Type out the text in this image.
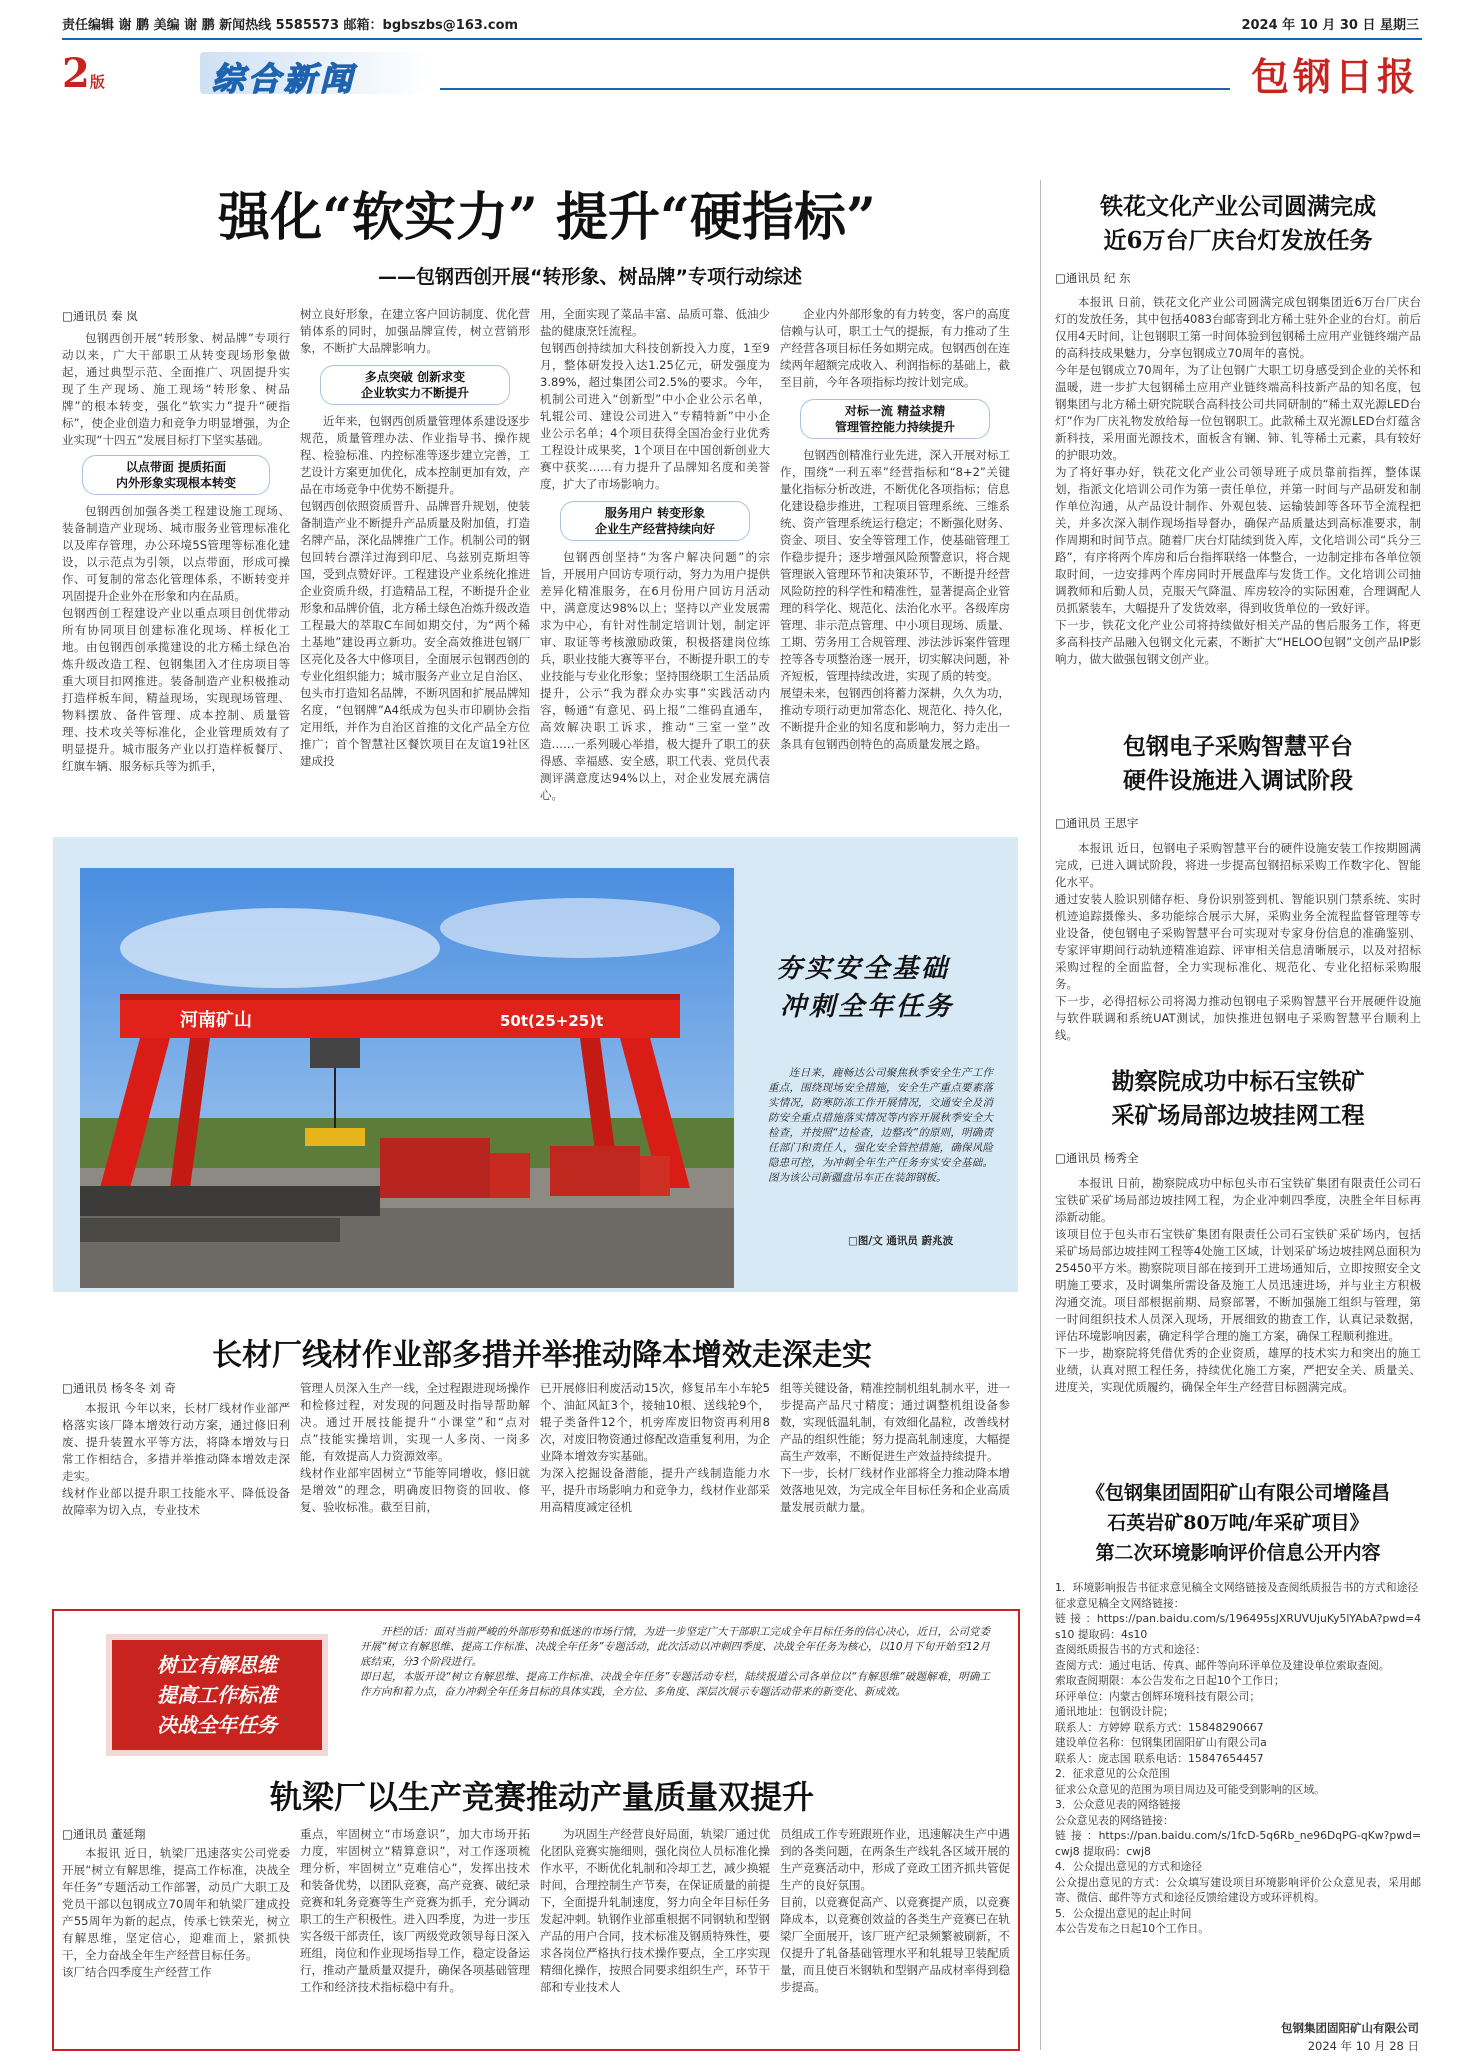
责任编辑 谢 鹏 美编 谢 鹏 新闻热线 5585573 邮箱：bgbszbs@163.com	2024 年 10 月 30 日 星期三
2版	综合新闻	包钢日报
强化“软实力” 提升“硬指标”
——包钢西创开展“转形象、树品牌”专项行动综述
□通讯员 秦 岚
包钢西创开展“转形象、树品牌”专项行动以来，广大干部职工从转变现场形象做起，通过典型示范、全面推广、巩固提升实现了生产现场、施工现场“转形象、树品牌”的根本转变，强化“软实力”提升“硬指标”，使企业创造力和竞争力明显增强，为企业实现“十四五”发展目标打下坚实基础。
以点带面 提质拓面
内外形象实现根本转变
包钢西创加强各类工程建设施工现场、装备制造产业现场、城市服务业管理标准化以及库存管理，办公环境5S管理等标准化建设，以示范点为引领，以点带面，形成可操作、可复制的常态化管理体系，不断转变并巩固提升企业外在形象和内在品质。
包钢西创工程建设产业以重点项目创优带动所有协同项目创建标准化现场、样板化工地。由包钢西创承揽建设的北方稀土绿色冶炼升级改造工程、包钢集团入才住房项目等重大项目扣网推进。装备制造产业积极推动打造样板车间，精益现场，实现现场管理、物料摆放、备件管理、成本控制、质量管理、技术攻关等标准化，企业管理质效有了明显提升。城市服务产业以打造样板餐厅、红旗车辆、服务标兵等为抓手，
树立良好形象，在建立客户回访制度、优化营销体系的同时，加强品牌宣传，树立营销形象，不断扩大品牌影响力。
多点突破 创新求变
企业软实力不断提升
近年来，包钢西创质量管理体系建设逐步规范，质量管理办法、作业指导书、操作规程、检验标准、内控标准等逐步建立完善，工艺设计方案更加优化，成本控制更加有效，产品在市场竞争中优势不断提升。
包钢西创依照资质晋升、品牌晋升规划，使装备制造产业不断提升产品质量及附加值，打造名牌产品，深化品牌推广工作。机制公司的钢包回转台漂洋过海到印尼、乌兹别克斯坦等国，受到点赞好评。工程建设产业系统化推进企业资质升级，打造精品工程，不断提升企业形象和品牌价值，北方稀土绿色冶炼升级改造工程最大的萃取C车间如期交付，为“两个稀土基地”建设再立新功。安全高效推进包钢厂区亮化及各大中修项目，全面展示包钢西创的专业化组织能力；城市服务产业立足自治区、包头市打造知名品牌，不断巩固和扩展品牌知名度，“包钢牌”A4纸成为包头市印刷协会指定用纸，并作为自治区首推的文化产品全方位推广；首个智慧社区餐饮项目在友谊19社区建成投
用，全面实现了菜品丰富、品质可靠、低油少盐的健康烹饪流程。
包钢西创持续加大科技创新投入力度，1至9月，整体研发投入达1.25亿元，研发强度为3.89%，超过集团公司2.5%的要求。今年，机制公司进入“创新型”中小企业公示名单，轧辊公司、建设公司进入“专精特新”中小企业公示名单；4个项目获得全国冶金行业优秀工程设计成果奖，1个项目在中国创新创业大赛中获奖……有力提升了品牌知名度和美誉度，扩大了市场影响力。
服务用户 转变形象
企业生产经营持续向好
包钢西创坚持“为客户解决问题”的宗旨，开展用户回访专项行动，努力为用户提供差异化精准服务，在6月份用户回访月活动中，满意度达98%以上；坚持以产业发展需求为中心，有针对性制定培训计划，制定评审、取证等考核激励政策，积极搭建岗位练兵，职业技能大赛等平台，不断提升职工的专业技能与专业化形象；坚持围绕职工生活品质提升，公示“我为群众办实事”实践活动内容，畅通“有意见、码上报”二维码直通车，高效解决职工诉求，推动“三室一堂”改造……一系列暖心举措，极大提升了职工的获得感、幸福感、安全感，职工代表、党员代表测评满意度达94%以上，对企业发展充满信心。
企业内外部形象的有力转变，客户的高度信赖与认可，职工士气的提振，有力推动了生产经营各项目标任务如期完成。包钢西创在连续两年超额完成收入、利润指标的基础上，截至目前，今年各项指标均按计划完成。
对标一流 精益求精
管理管控能力持续提升
包钢西创精准行业先进，深入开展对标工作，围绕“一利五率”经营指标和“8+2”关键量化指标分析改进，不断优化各项指标；信息化建设稳步推进，工程项目管理系统、三维系统、资产管理系统运行稳定；不断强化财务、资金、项目、安全等管理工作，使基础管理工作稳步提升；逐步增强风险预警意识，将合规管理嵌入管理环节和决策环节，不断提升经营风险防控的科学性和精准性，显著提高企业管理的科学化、规范化、法治化水平。各级库房管理、非示范点管理、中小项目现场、质量、工期、劳务用工合规管理、涉法涉诉案件管理控等各专项整治逐一展开，切实解决问题，补齐短板，管理持续改进，实现了质的转变。
展望未来，包钢西创将蓄力深耕，久久为功，推动专项行动更加常态化、规范化、持久化，不断提升企业的知名度和影响力，努力走出一条具有包钢西创特色的高质量发展之路。
河南矿山	50t(25+25)t
夯实安全基础
冲刺全年任务
连日来，鹿畅达公司聚焦秋季安全生产工作重点，围绕现场安全措施，安全生产重点要素落实情况，防寒防冻工作开展情况，交通安全及消防安全重点措施落实情况等内容开展秋季安全大检查，并按照“边检查，边整改”的原则，明确责任部门和责任人，强化安全管控措施，确保风险隐患可控，为冲刺全年生产任务夯实安全基础。图为该公司新疆盘吊车正在装卸钢板。
□图/文 通讯员 蔚兆波
长材厂线材作业部多措并举推动降本增效走深走实
□通讯员 杨冬冬 刘 奇
本报讯 今年以来，长材厂线材作业部严格落实该厂降本增效行动方案，通过修旧利废、提升装置水平等方法，将降本增效与日常工作相结合，多措并举推动降本增效走深走实。
线材作业部以提升职工技能水平、降低设备故障率为切入点，专业技术
管理人员深入生产一线，全过程跟进现场操作和检修过程，对发现的问题及时指导帮助解决。通过开展技能提升“小课堂”和“点对点”技能实操培训，实现一人多岗、一岗多能，有效提高人力资源效率。
线材作业部牢固树立“节能等同增收，修旧就是增效”的理念，明确废旧物资的回收、修复、验收标准。截至目前，
已开展修旧利废活动15次，修复吊车小车轮5个、油缸风缸3个，接轴10根、送线轮9个，辊子类备件12个，机旁库废旧物资再利用8次，对废旧物资通过修配改造重复利用，为企业降本增效夯实基础。
为深入挖掘设备潜能，提升产线制造能力水平，提升市场影响力和竞争力，线材作业部采用高精度减定径机
组等关键设备，精准控制机组轧制水平，进一步提高产品尺寸精度；通过调整机组设备参数，实现低温轧制，有效细化晶粒，改善线材产品的组织性能；努力提高轧制速度，大幅提高生产效率，不断促进生产效益持续提升。
下一步，长材厂线材作业部将全力推动降本增效落地见效，为完成全年目标任务和企业高质量发展贡献力量。
树立有解思维
提高工作标准
决战全年任务
开栏的话：面对当前严峻的外部形势和低迷的市场行情，为进一步坚定广大干部职工完成全年目标任务的信心决心，近日，公司党委开展“树立有解思维、提高工作标准、决战全年任务”专题活动，此次活动以冲刺四季度、决战全年任务为核心，以10月下旬开始至12月底结束，分3个阶段进行。
即日起，本版开设“树立有解思维、提高工作标准、决战全年任务”专题活动专栏，陆续报道公司各单位以“有解思维”破题解难，明确工作方向和着力点，奋力冲刺全年任务目标的具体实践，全方位、多角度、深层次展示专题活动带来的新变化、新成效。
轨梁厂以生产竞赛推动产量质量双提升
□通讯员 董延翔
本报讯 近日，轨梁厂迅速落实公司党委开展“树立有解思维，提高工作标准，决战全年任务”专题活动工作部署，动员广大职工及党员干部以包钢成立70周年和轨梁厂建成投产55周年为新的起点，传承七铁荣光，树立有解思维，坚定信心，迎难而上，紧抓快干，全力奋战全年生产经营目标任务。
该厂结合四季度生产经营工作
重点，牢固树立“市场意识”，加大市场开拓力度，牢固树立“精算意识”，对工作逐项梳理分析，牢固树立“克难信心”，发挥出技术和装备优势，以团队竞赛，高产竞赛、破纪录竞赛和轧务竞赛等生产竞赛为抓手，充分调动职工的生产积极性。进入四季度，为进一步压实各级干部责任，该厂两级党政领导每日深入班组，岗位和作业现场指导工作，稳定设备运行，推动产量质量双提升，确保各项基础管理工作和经济技术指标稳中有升。
为巩固生产经营良好局面，轨梁厂通过优化团队竞赛实施细则，强化岗位人员标准化操作水平，不断优化轧制和冷却工艺，减少换辊时间，合理控制生产节奏，在保证质量的前提下，全面提升轧制速度，努力向全年目标任务发起冲刺。轨钢作业部重根据不同钢轨和型钢产品的用户合同，技术标准及钢质特殊性，要求各岗位严格执行技术操作要点，全工序实现精细化操作，按照合同要求组织生产，环节干部和专业技术人
员组成工作专班跟班作业，迅速解决生产中遇到的各类问题，在两条生产线轧各区域开展的生产竞赛活动中，形成了竞政工团齐抓共管促生产的良好氛围。
目前，以竞赛促高产、以竞赛提产质，以竞赛降成本，以竞赛创效益的各类生产竞赛已在轨梁厂全面展开，该厂班产纪录频繁被刷新，不仅提升了轧备基础管理水平和轧辊导卫装配质量，而且使百米钢轨和型钢产品成材率得到稳步提高。
铁花文化产业公司圆满完成
近6万台厂庆台灯发放任务
□通讯员 纪 东
本报讯 日前，铁花文化产业公司圆满完成包钢集团近6万台厂庆台灯的发放任务，其中包括4083台邮寄到北方稀土驻外企业的台灯。前后仅用4天时间，让包钢职工第一时间体验到包钢稀土应用产业链终端产品的高科技成果魅力，分享包钢成立70周年的喜悦。
今年是包钢成立70周年，为了让包钢广大职工切身感受到企业的关怀和温暖，进一步扩大包钢稀土应用产业链终端高科技新产品的知名度，包钢集团与北方稀土研究院联合高科技公司共同研制的“稀土双光源LED台灯”作为厂庆礼物发放给每一位包钢职工。此款稀土双光源LED台灯蕴含新科技，采用面光源技术，面板含有镧、铈、钆等稀土元素，具有较好的护眼功效。
为了将好事办好，铁花文化产业公司领导班子成员靠前指挥，整体谋划，指派文化培训公司作为第一责任单位，并第一时间与产品研发和制作单位沟通，从产品设计制作、外观包装、运输装卸等各环节全流程把关，并多次深入制作现场指导督办，确保产品质量达到高标准要求，制作周期和时间节点。随着厂庆台灯陆续到货入库，文化培训公司“兵分三路”，有序将两个库房和后台指挥联络一体整合，一边制定排布各单位领取时间，一边安排两个库房同时开展盘库与发货工作。文化培训公司抽调教师和后勤人员，克服天气降温、库房较冷的实际困难，合理调配人员抓紧装车，大幅提升了发货效率，得到收货单位的一致好评。
下一步，铁花文化产业公司将持续做好相关产品的售后服务工作，将更多高科技产品融入包钢文化元素，不断扩大“HELOO包钢”文创产品IP影响力，做大做强包钢文创产业。
包钢电子采购智慧平台
硬件设施进入调试阶段
□通讯员 王思宇
本报讯 近日，包钢电子采购智慧平台的硬件设施安装工作按期圆满完成，已进入调试阶段，将进一步提高包钢招标采购工作数字化、智能化水平。
通过安装人脸识别储存柜、身份识别签到机、智能识别门禁系统、实时机迹追踪摄像头、多功能综合展示大屏，采购业务全流程监督管理等专业设备，使包钢电子采购智慧平台可实现对专家身份信息的准确鉴别、专家评审期间行动轨迹精准追踪、评审相关信息清晰展示，以及对招标采购过程的全面监督，全力实现标准化、规范化、专业化招标采购服务。
下一步，必得招标公司将渴力推动包钢电子采购智慧平台开展硬件设施与软件联调和系统UAT测试，加快推进包钢电子采购智慧平台顺利上线。
勘察院成功中标石宝铁矿
采矿场局部边坡挂网工程
□通讯员 杨秀全
本报讯 日前，勘察院成功中标包头市石宝铁矿集团有限责任公司石宝铁矿采矿场局部边坡挂网工程，为企业冲刺四季度，决胜全年目标再添新动能。
该项目位于包头市石宝铁矿集团有限责任公司石宝铁矿采矿场内，包括采矿场局部边坡挂网工程等4处施工区域，计划采矿场边坡挂网总面积为25450平方米。勘察院项目部在接到开工进场通知后，立即按照安全文明施工要求，及时调集所需设备及施工人员迅速进场，并与业主方积极沟通交流。项目部根据前期、局察部署，不断加强施工组织与管理，第一时间组织技术人员深入现场，开展细致的勘查工作，认真记录数据，评估环境影响因素，确定科学合理的施工方案，确保工程顺利推进。
下一步，勘察院将凭借优秀的企业资质，雄厚的技术实力和突出的施工业绩，认真对照工程任务，持续优化施工方案，严把安全关、质量关、进度关，实现优质履约，确保全年生产经营目标圆满完成。
《包钢集团固阳矿山有限公司增隆昌
石英岩矿80万吨/年采矿项目》
第二次环境影响评价信息公开内容
1．环境影响报告书征求意见稿全文网络链接及查阅纸质报告书的方式和途径
征求意见稿全文网络链接：
链 接 ：https://pan.baidu.com/s/196495sJXRUVUjuKy5lYAbA?pwd=4s10 提取码：4s10
查阅纸质报告书的方式和途径：
查阅方式：通过电话、传真、邮件等向环评单位及建设单位索取查阅。
索取查阅期限：本公告发布之日起10个工作日；
环评单位：内蒙古创辉环境科技有限公司；
通讯地址：包钢设计院；
联系人：方婷婷 联系方式：15848290667
建设单位名称：包钢集团固阳矿山有限公司a
联系人：庞志国 联系电话：15847654457
2．征求意见的公众范围
征求公众意见的范围为项目周边及可能受到影响的区域。
3．公众意见表的网络链接
公众意见表的网络链接：
链 接 ：https://pan.baidu.com/s/1fcD-5q6Rb_ne96DqPG-qKw?pwd=cwj8 提取码：cwj8
4．公众提出意见的方式和途径
公众提出意见的方式：公众填写建设项目环境影响评价公众意见表，采用邮寄、微信、邮件等方式和途径反馈给建设方或环评机构。
5．公众提出意见的起止时间
本公告发布之日起10个工作日。
包钢集团固阳矿山有限公司
2024 年 10 月 28 日
